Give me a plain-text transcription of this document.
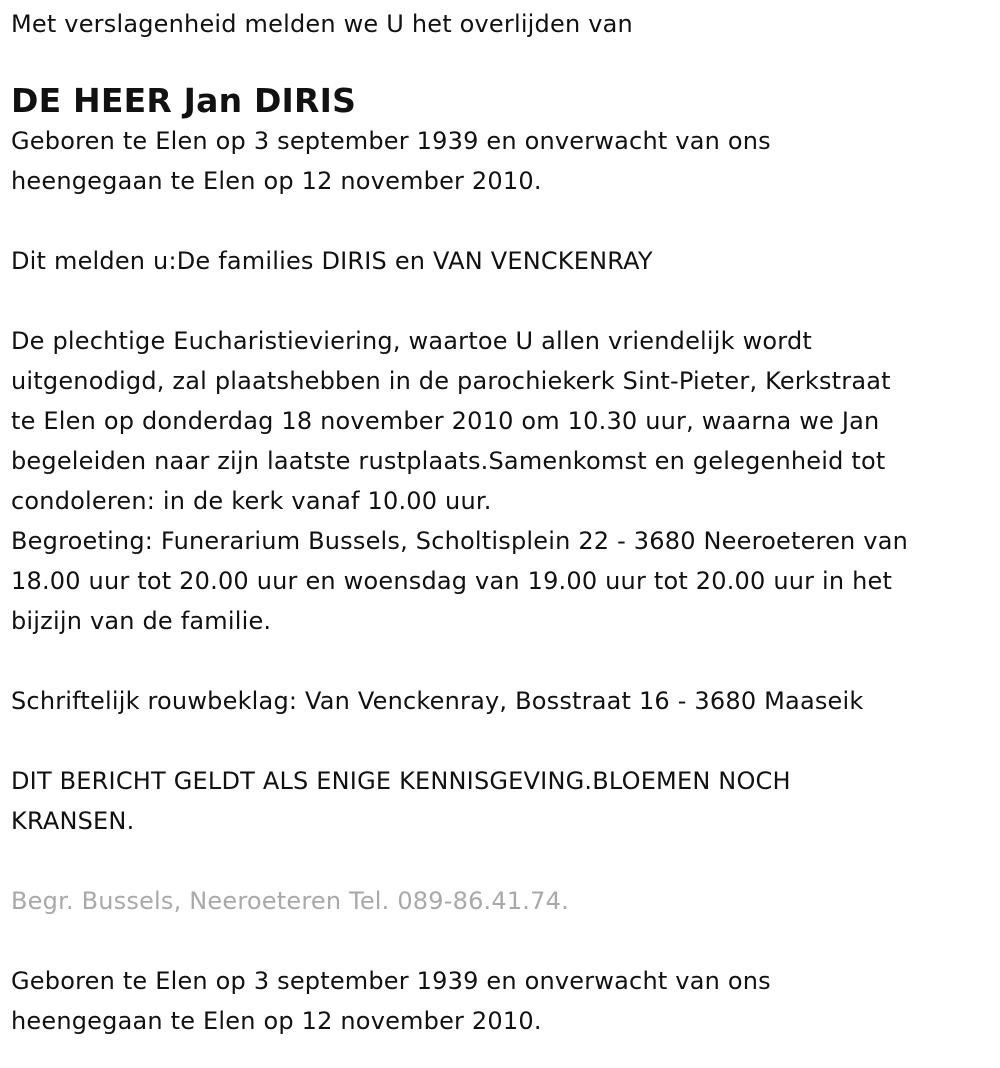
Met verslagenheid melden we U het overlijden van
DE HEER Jan DIRIS
Geboren te Elen op 3 september 1939 en onverwacht van ons
heengegaan te Elen op 12 november 2010.
Dit melden u:De families DIRIS en VAN VENCKENRAY
De plechtige Eucharistieviering, waartoe U allen vriendelijk wordt
uitgenodigd, zal plaatshebben in de parochiekerk Sint-Pieter, Kerkstraat
te Elen op donderdag 18 november 2010 om 10.30 uur, waarna we Jan
begeleiden naar zijn laatste rustplaats.Samenkomst en gelegenheid tot
condoleren: in de kerk vanaf 10.00 uur.
Begroeting: Funerarium Bussels, Scholtisplein 22 - 3680 Neeroeteren van
18.00 uur tot 20.00 uur en woensdag van 19.00 uur tot 20.00 uur in het
bijzijn van de familie.
Schriftelijk rouwbeklag: Van Venckenray, Bosstraat 16 - 3680 Maaseik
DIT BERICHT GELDT ALS ENIGE KENNISGEVING.BLOEMEN NOCH
KRANSEN.
Begr. Bussels, Neeroeteren Tel. 089-86.41.74.
Geboren te Elen op 3 september 1939 en onverwacht van ons
heengegaan te Elen op 12 november 2010.
